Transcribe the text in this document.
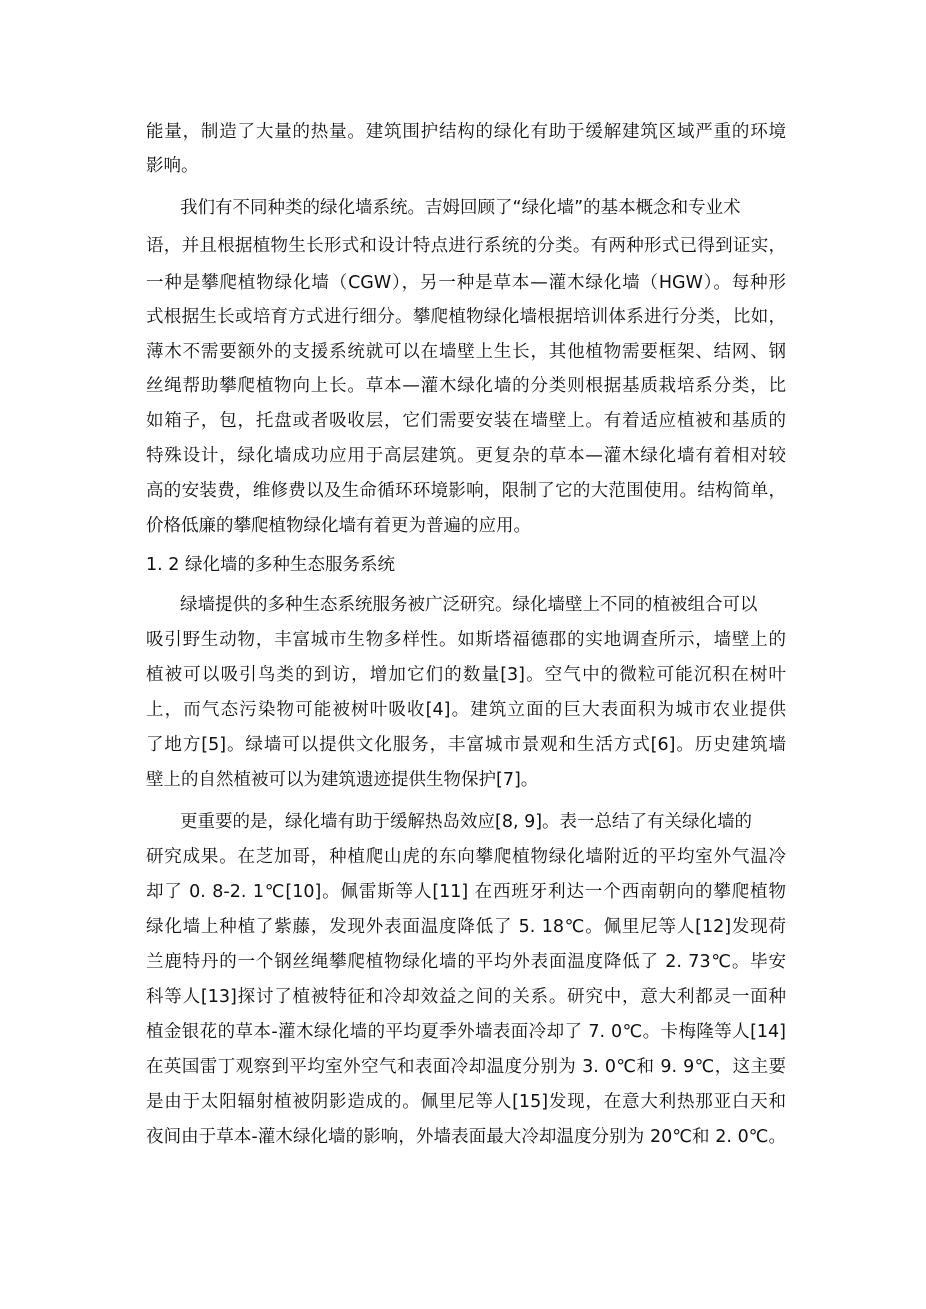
能量，制造了大量的热量。建筑围护结构的绿化有助于缓解建筑区域严重的环境
影响。
我们有不同种类的绿化墙系统。吉姆回顾了“绿化墙”的基本概念和专业术
语，并且根据植物生长形式和设计特点进行系统的分类。有两种形式已得到证实，
一种是攀爬植物绿化墙（CGW），另一种是草本—灌木绿化墙（HGW）。每种形
式根据生长或培育方式进行细分。攀爬植物绿化墙根据培训体系进行分类，比如，
薄木不需要额外的支援系统就可以在墙壁上生长，其他植物需要框架、结网、钢
丝绳帮助攀爬植物向上长。草本—灌木绿化墙的分类则根据基质栽培系分类，比
如箱子，包，托盘或者吸收层，它们需要安装在墙壁上。有着适应植被和基质的
特殊设计，绿化墙成功应用于高层建筑。更复杂的草本—灌木绿化墙有着相对较
高的安装费，维修费以及生命循环环境影响，限制了它的大范围使用。结构简单，
价格低廉的攀爬植物绿化墙有着更为普遍的应用。
1. 2 绿化墙的多种生态服务系统
绿墙提供的多种生态系统服务被广泛研究。绿化墙壁上不同的植被组合可以
吸引野生动物，丰富城市生物多样性。如斯塔福德郡的实地调查所示，墙壁上的
植被可以吸引鸟类的到访，增加它们的数量[3]。空气中的微粒可能沉积在树叶
上，而气态污染物可能被树叶吸收[4]。建筑立面的巨大表面积为城市农业提供
了地方[5]。绿墙可以提供文化服务，丰富城市景观和生活方式[6]。历史建筑墙
壁上的自然植被可以为建筑遗迹提供生物保护[7]。
更重要的是，绿化墙有助于缓解热岛效应[8, 9]。表一总结了有关绿化墙的
研究成果。在芝加哥，种植爬山虎的东向攀爬植物绿化墙附近的平均室外气温冷
却了 0. 8-2. 1℃[10]。佩雷斯等人[11] 在西班牙利达一个西南朝向的攀爬植物
绿化墙上种植了紫藤，发现外表面温度降低了 5. 18℃。佩里尼等人[12]发现荷
兰鹿特丹的一个钢丝绳攀爬植物绿化墙的平均外表面温度降低了 2. 73℃。毕安
科等人[13]探讨了植被特征和冷却效益之间的关系。研究中，意大利都灵一面种
植金银花的草本-灌木绿化墙的平均夏季外墙表面冷却了 7. 0℃。卡梅隆等人[14]
在英国雷丁观察到平均室外空气和表面冷却温度分别为 3. 0℃和 9. 9℃，这主要
是由于太阳辐射植被阴影造成的。佩里尼等人[15]发现，在意大利热那亚白天和
夜间由于草本-灌木绿化墙的影响，外墙表面最大冷却温度分别为 20℃和 2. 0℃。
